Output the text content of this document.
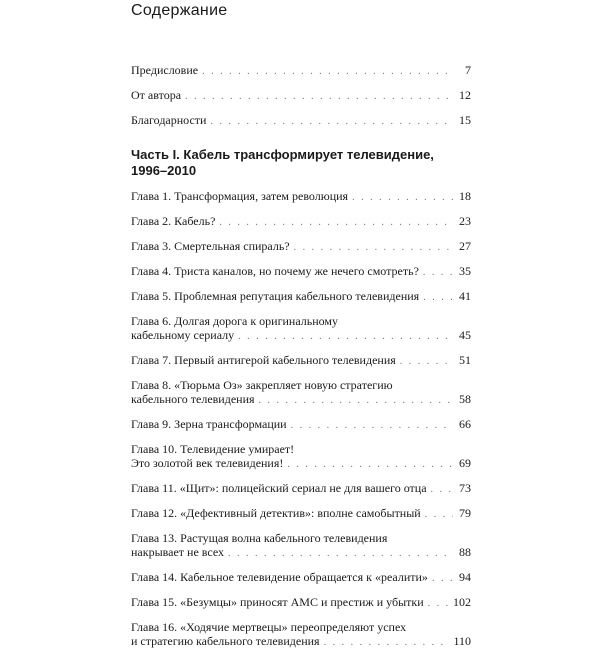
Содержание
Предисловие . . .	7
От автора . . .	12
Благодарности . . .	15
Часть I. Кабель трансформирует телевидение,
1996–2010
Глава 1. Трансформация, затем революция . . .	18
Глава 2. Кабель? . . .	23
Глава 3. Смертельная спираль? . . .	27
Глава 4. Триста каналов, но почему же нечего смотреть? . . .	35
Глава 5. Проблемная репутация кабельного телевидения . . .	41
Глава 6. Долгая дорога к оригинальному
кабельному сериалу . . .	45
Глава 7. Первый антигерой кабельного телевидения . . .	51
Глава 8. «Тюрьма Оз» закрепляет новую стратегию
кабельного телевидения . . .	58
Глава 9. Зерна трансформации . . .	66
Глава 10. Телевидение умирает!
Это золотой век телевидения! . . .	69
Глава 11. «Щит»: полицейский сериал не для вашего отца . . .	73
Глава 12. «Дефективный детектив»: вполне самобытный . . .	79
Глава 13. Растущая волна кабельного телевидения
накрывает не всех . . .	88
Глава 14. Кабельное телевидение обращается к «реалити» . . .	94
Глава 15. «Безумцы» приносят AMC и престиж и убытки . . . 102
Глава 16. «Ходячие мертвецы» переопределяют успех
и стратегию кабельного телевидения . . .	110
